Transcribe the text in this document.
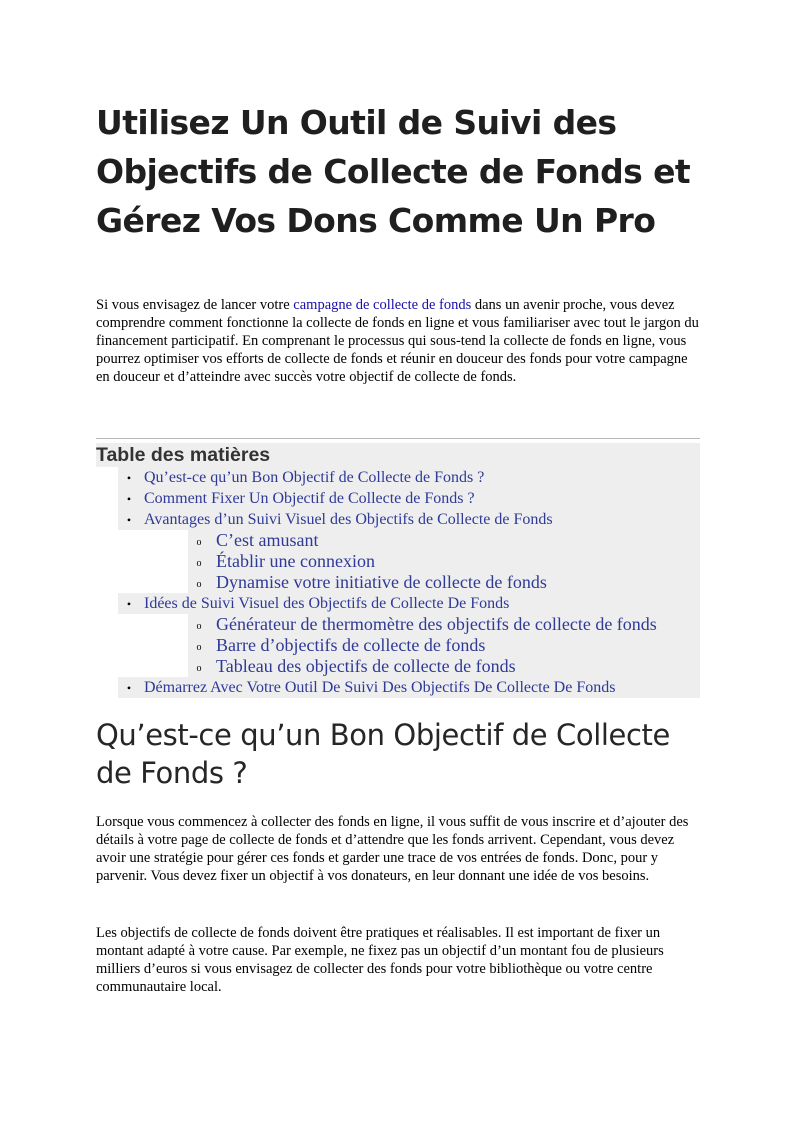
Utilisez Un Outil de Suivi des Objectifs de Collecte de Fonds et Gérez Vos Dons Comme Un Pro

Si vous envisagez de lancer votre campagne de collecte de fonds dans un avenir proche, vous devez comprendre comment fonctionne la collecte de fonds en ligne et vous familiariser avec tout le jargon du financement participatif. En comprenant le processus qui sous-tend la collecte de fonds en ligne, vous pourrez optimiser vos efforts de collecte de fonds et réunir en douceur des fonds pour votre campagne en douceur et d’atteindre avec succès votre objectif de collecte de fonds.

Table des matières
• Qu’est-ce qu’un Bon Objectif de Collecte de Fonds ?
• Comment Fixer Un Objectif de Collecte de Fonds ?
• Avantages d’un Suivi Visuel des Objectifs de Collecte de Fonds
o C’est amusant
o Établir une connexion
o Dynamise votre initiative de collecte de fonds
• Idées de Suivi Visuel des Objectifs de Collecte De Fonds
o Générateur de thermomètre des objectifs de collecte de fonds
o Barre d’objectifs de collecte de fonds
o Tableau des objectifs de collecte de fonds
• Démarrez Avec Votre Outil De Suivi Des Objectifs De Collecte De Fonds
Qu’est-ce qu’un Bon Objectif de Collecte de Fonds ?

Lorsque vous commencez à collecter des fonds en ligne, il vous suffit de vous inscrire et d’ajouter des détails à votre page de collecte de fonds et d’attendre que les fonds arrivent. Cependant, vous devez avoir une stratégie pour gérer ces fonds et garder une trace de vos entrées de fonds. Donc, pour y parvenir. Vous devez fixer un objectif à vos donateurs, en leur donnant une idée de vos besoins.

Les objectifs de collecte de fonds doivent être pratiques et réalisables. Il est important de fixer un montant adapté à votre cause. Par exemple, ne fixez pas un objectif d’un montant fou de plusieurs milliers d’euros si vous envisagez de collecter des fonds pour votre bibliothèque ou votre centre communautaire local.
